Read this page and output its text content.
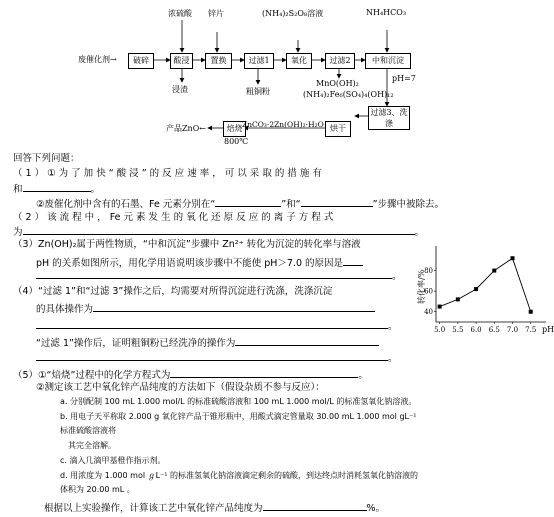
废催化剂→	破碎	酸浸	置换	过滤1	氧化	过滤2	中和沉淀
烘干
过滤3、洗涤
焙烧
浓硫酸 锌片	(NH₄)₂S₂O₈溶液	NH₄HCO₃
浸渣	粗铜粉
MnO(OH)₂
(NH₄)₂Fe₆(SO₄)₄(OH)₁₂
pH=7
产品ZnO←
800℃
ZnCO₃·2Zn(OH)₂·H₂O
回答下列问题：
（ 1 ） ① 为 了 加 快 “ 酸 浸 ” 的 反 应 速 率 ， 可 以 采 取 的 措 施 有
和	。
②废催化剂中含有的石墨、Fe 元素分别在“	”和“	”步骤中被除去。
（ 2 ） 该 流 程 中 ， Fe 元 素 发 生 的 氧 化 还 原 反 应 的 离 子 方 程 式
为	。
（3）Zn(OH)₂属于两性物质，“中和沉淀”步骤中 Zn²⁺ 转化为沉淀的转化率与溶液
pH 的关系如图所示，用化学用语说明该步骤中不能使 pH＞7.0 的原因是
。
（4）“过滤 1”和“过滤 3”操作之后，均需要对所得沉淀进行洗涤，洗涤沉淀
的具体操作为
。
“过滤 1”操作后，证明粗铜粉已经洗净的操作为
。
（5）①“焙烧”过程中的化学方程式为	。
②测定该工艺中氧化锌产品纯度的方法如下（假设杂质不参与反应）：
a. 分别配制 100 mL 1.000 mol/L 的标准硫酸溶液和 100 mL 1.000 mol/L 的标准氢氧化钠溶液。
b. 用电子天平称取 2.000 g 氧化锌产品于锥形瓶中，用酸式滴定管量取 30.00 mL 1.000 mol gL⁻¹
标准硫酸溶液将
其完全溶解。
c. 滴入几滴甲基橙作指示剂。
d. 用浓度为 1.000 mol ℊL⁻¹ 的标准氢氧化钠溶液滴定剩余的硫酸，到达终点时消耗氢氧化钠溶液的
体积为 20.00 mL 。
根据以上实验操作，计算该工艺中氧化锌产品纯度为	%。
5.0 5.5 6.0 6.5 7.0 7.5
40
60
80
转化率/%
pH
